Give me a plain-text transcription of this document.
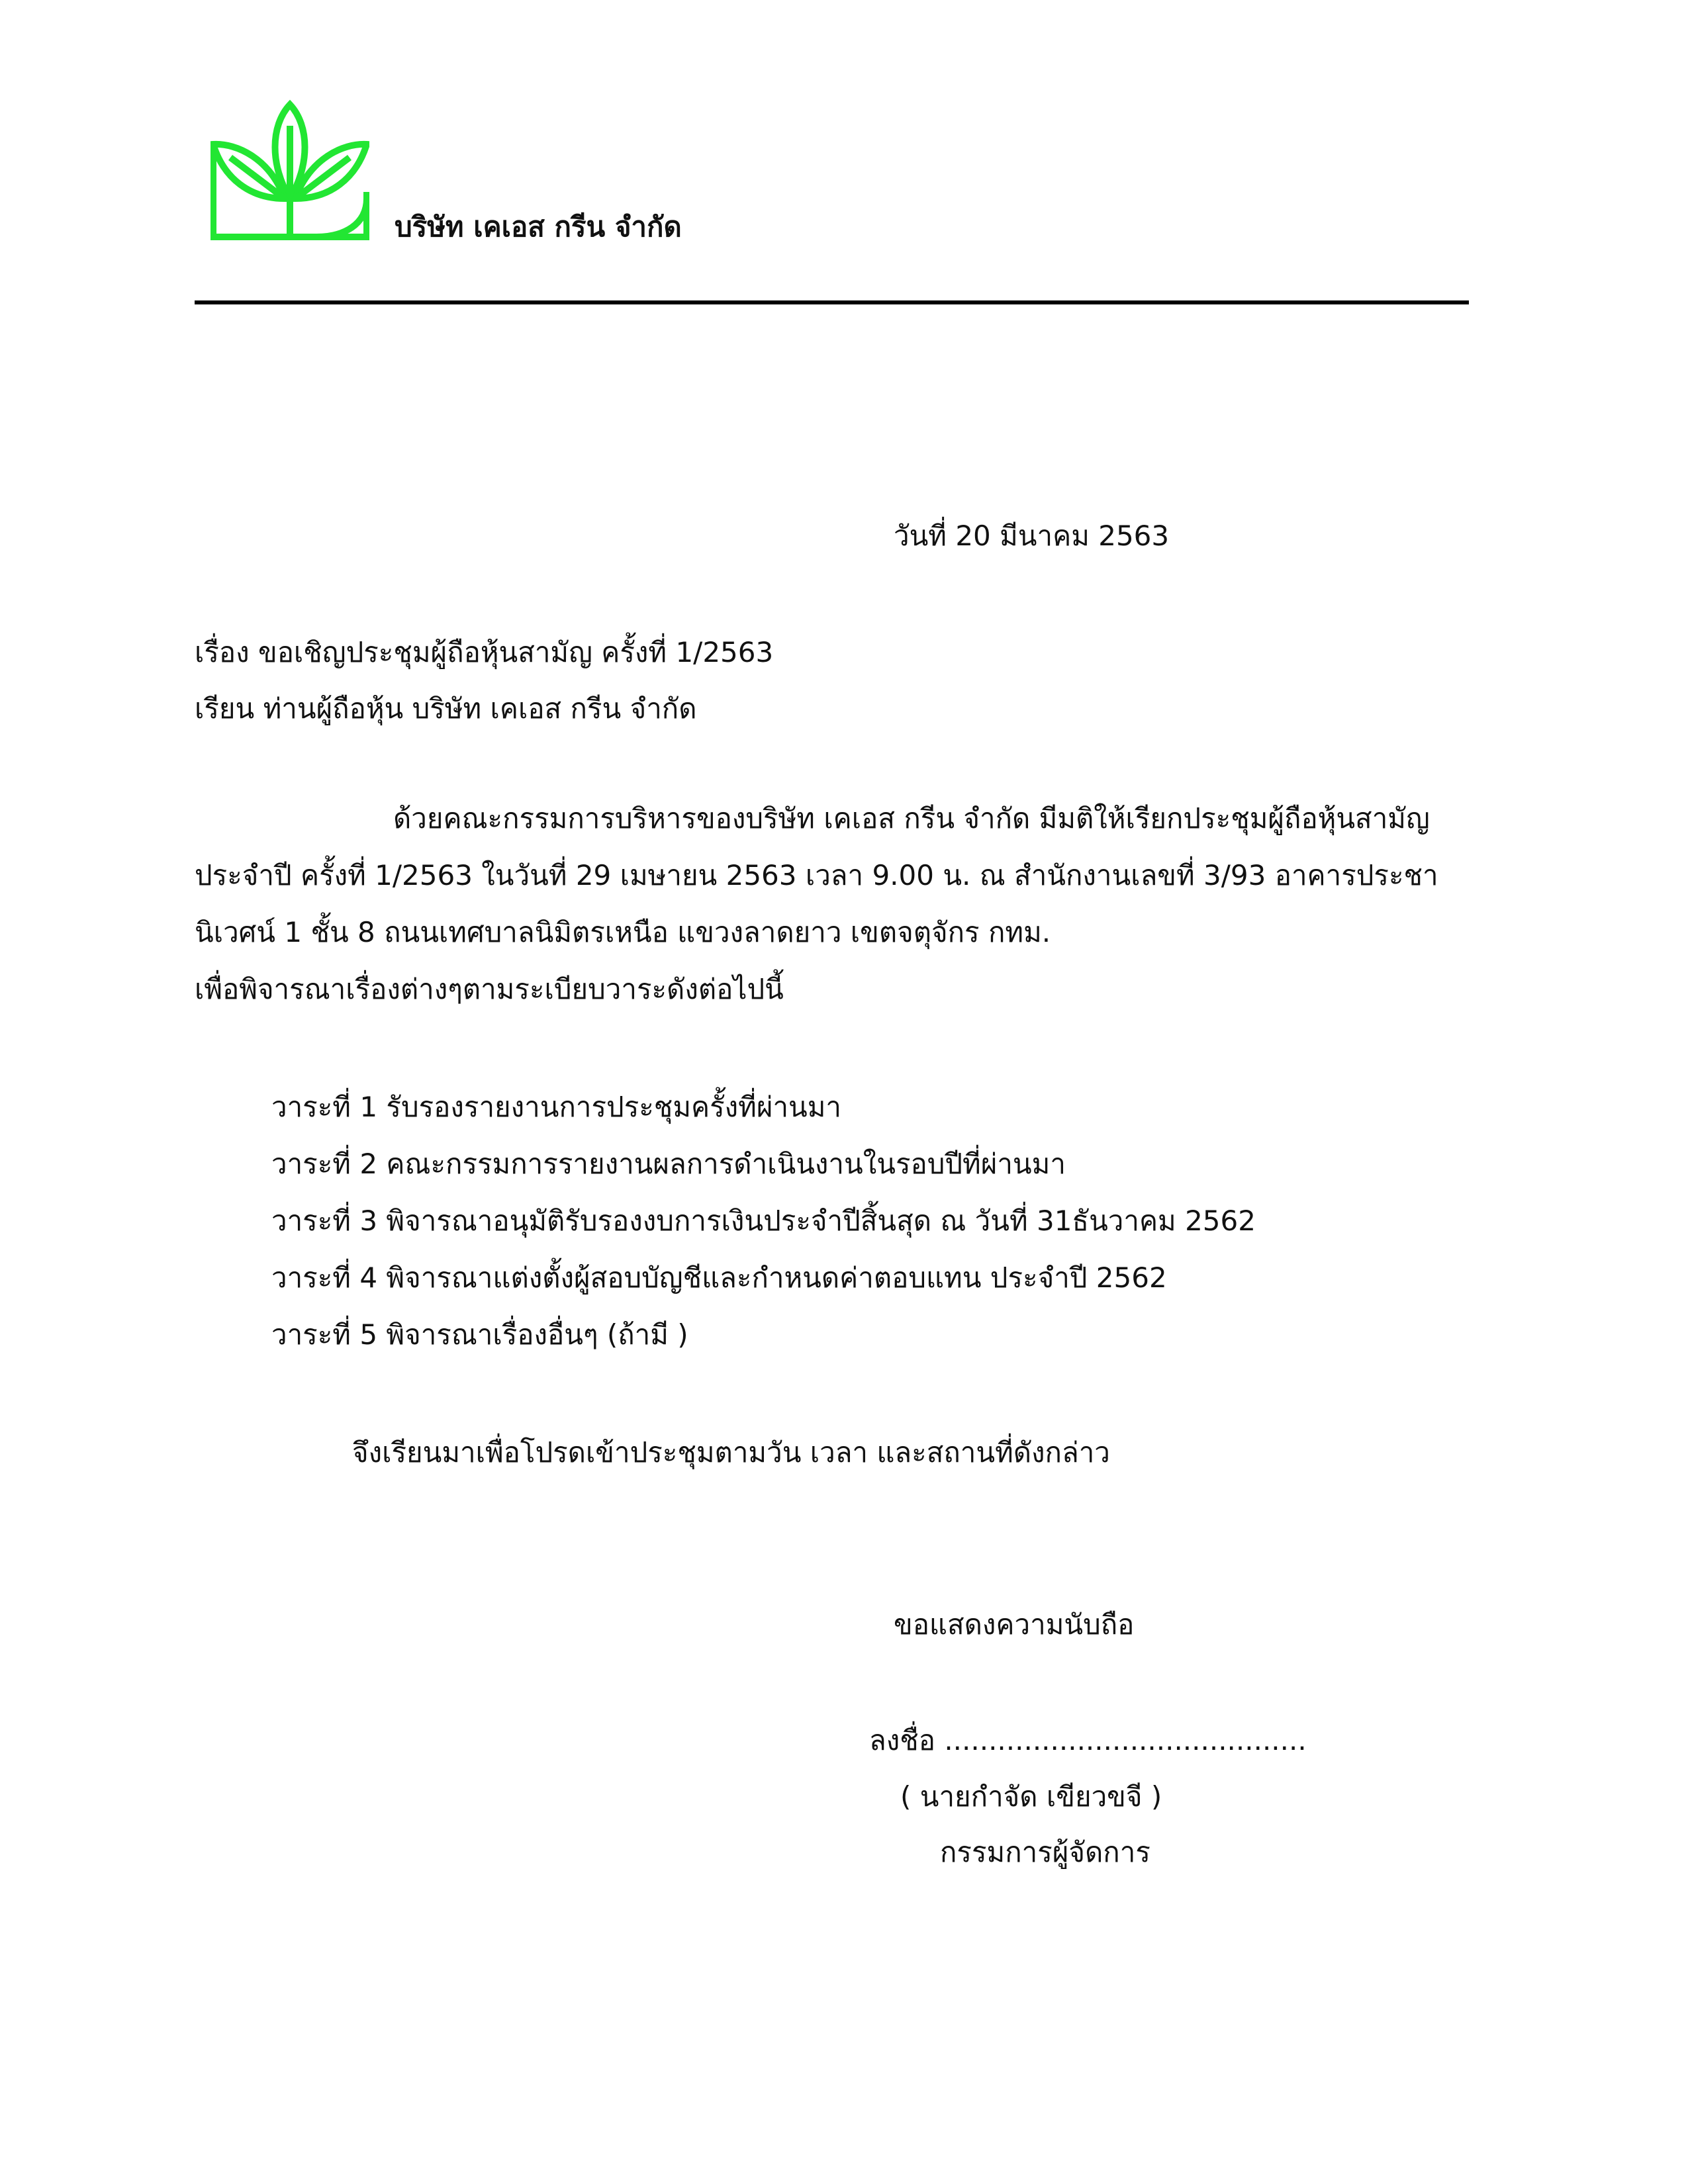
บริษัท เคเอส กรีน จำกัด
วันที่ 20 มีนาคม 2563
เรื่อง ขอเชิญประชุมผู้ถือหุ้นสามัญ ครั้งที่ 1/2563
เรียน ท่านผู้ถือหุ้น บริษัท เคเอส กรีน จำกัด
ด้วยคณะกรรมการบริหารของบริษัท เคเอส กรีน จำกัด มีมติให้เรียกประชุมผู้ถือหุ้นสามัญ
ประจำปี ครั้งที่ 1/2563 ในวันที่ 29 เมษายน 2563 เวลา 9.00 น. ณ สำนักงานเลขที่ 3/93 อาคารประชา
นิเวศน์ 1 ชั้น 8 ถนนเทศบาลนิมิตรเหนือ แขวงลาดยาว เขตจตุจักร กทม.
เพื่อพิจารณาเรื่องต่างๆตามระเบียบวาระดังต่อไปนี้
วาระที่ 1 รับรองรายงานการประชุมครั้งที่ผ่านมา
วาระที่ 2 คณะกรรมการรายงานผลการดำเนินงานในรอบปีที่ผ่านมา
วาระที่ 3 พิจารณาอนุมัติรับรองงบการเงินประจำปีสิ้นสุด ณ วันที่ 31ธันวาคม 2562
วาระที่ 4 พิจารณาแต่งตั้งผู้สอบบัญชีและกำหนดค่าตอบแทน ประจำปี 2562
วาระที่ 5 พิจารณาเรื่องอื่นๆ (ถ้ามี )
จึงเรียนมาเพื่อโปรดเข้าประชุมตามวัน เวลา และสถานที่ดังกล่าว
ขอแสดงความนับถือ
ลงชื่อ .........................................
( นายกำจัด เขียวขจี )
กรรมการผู้จัดการ
